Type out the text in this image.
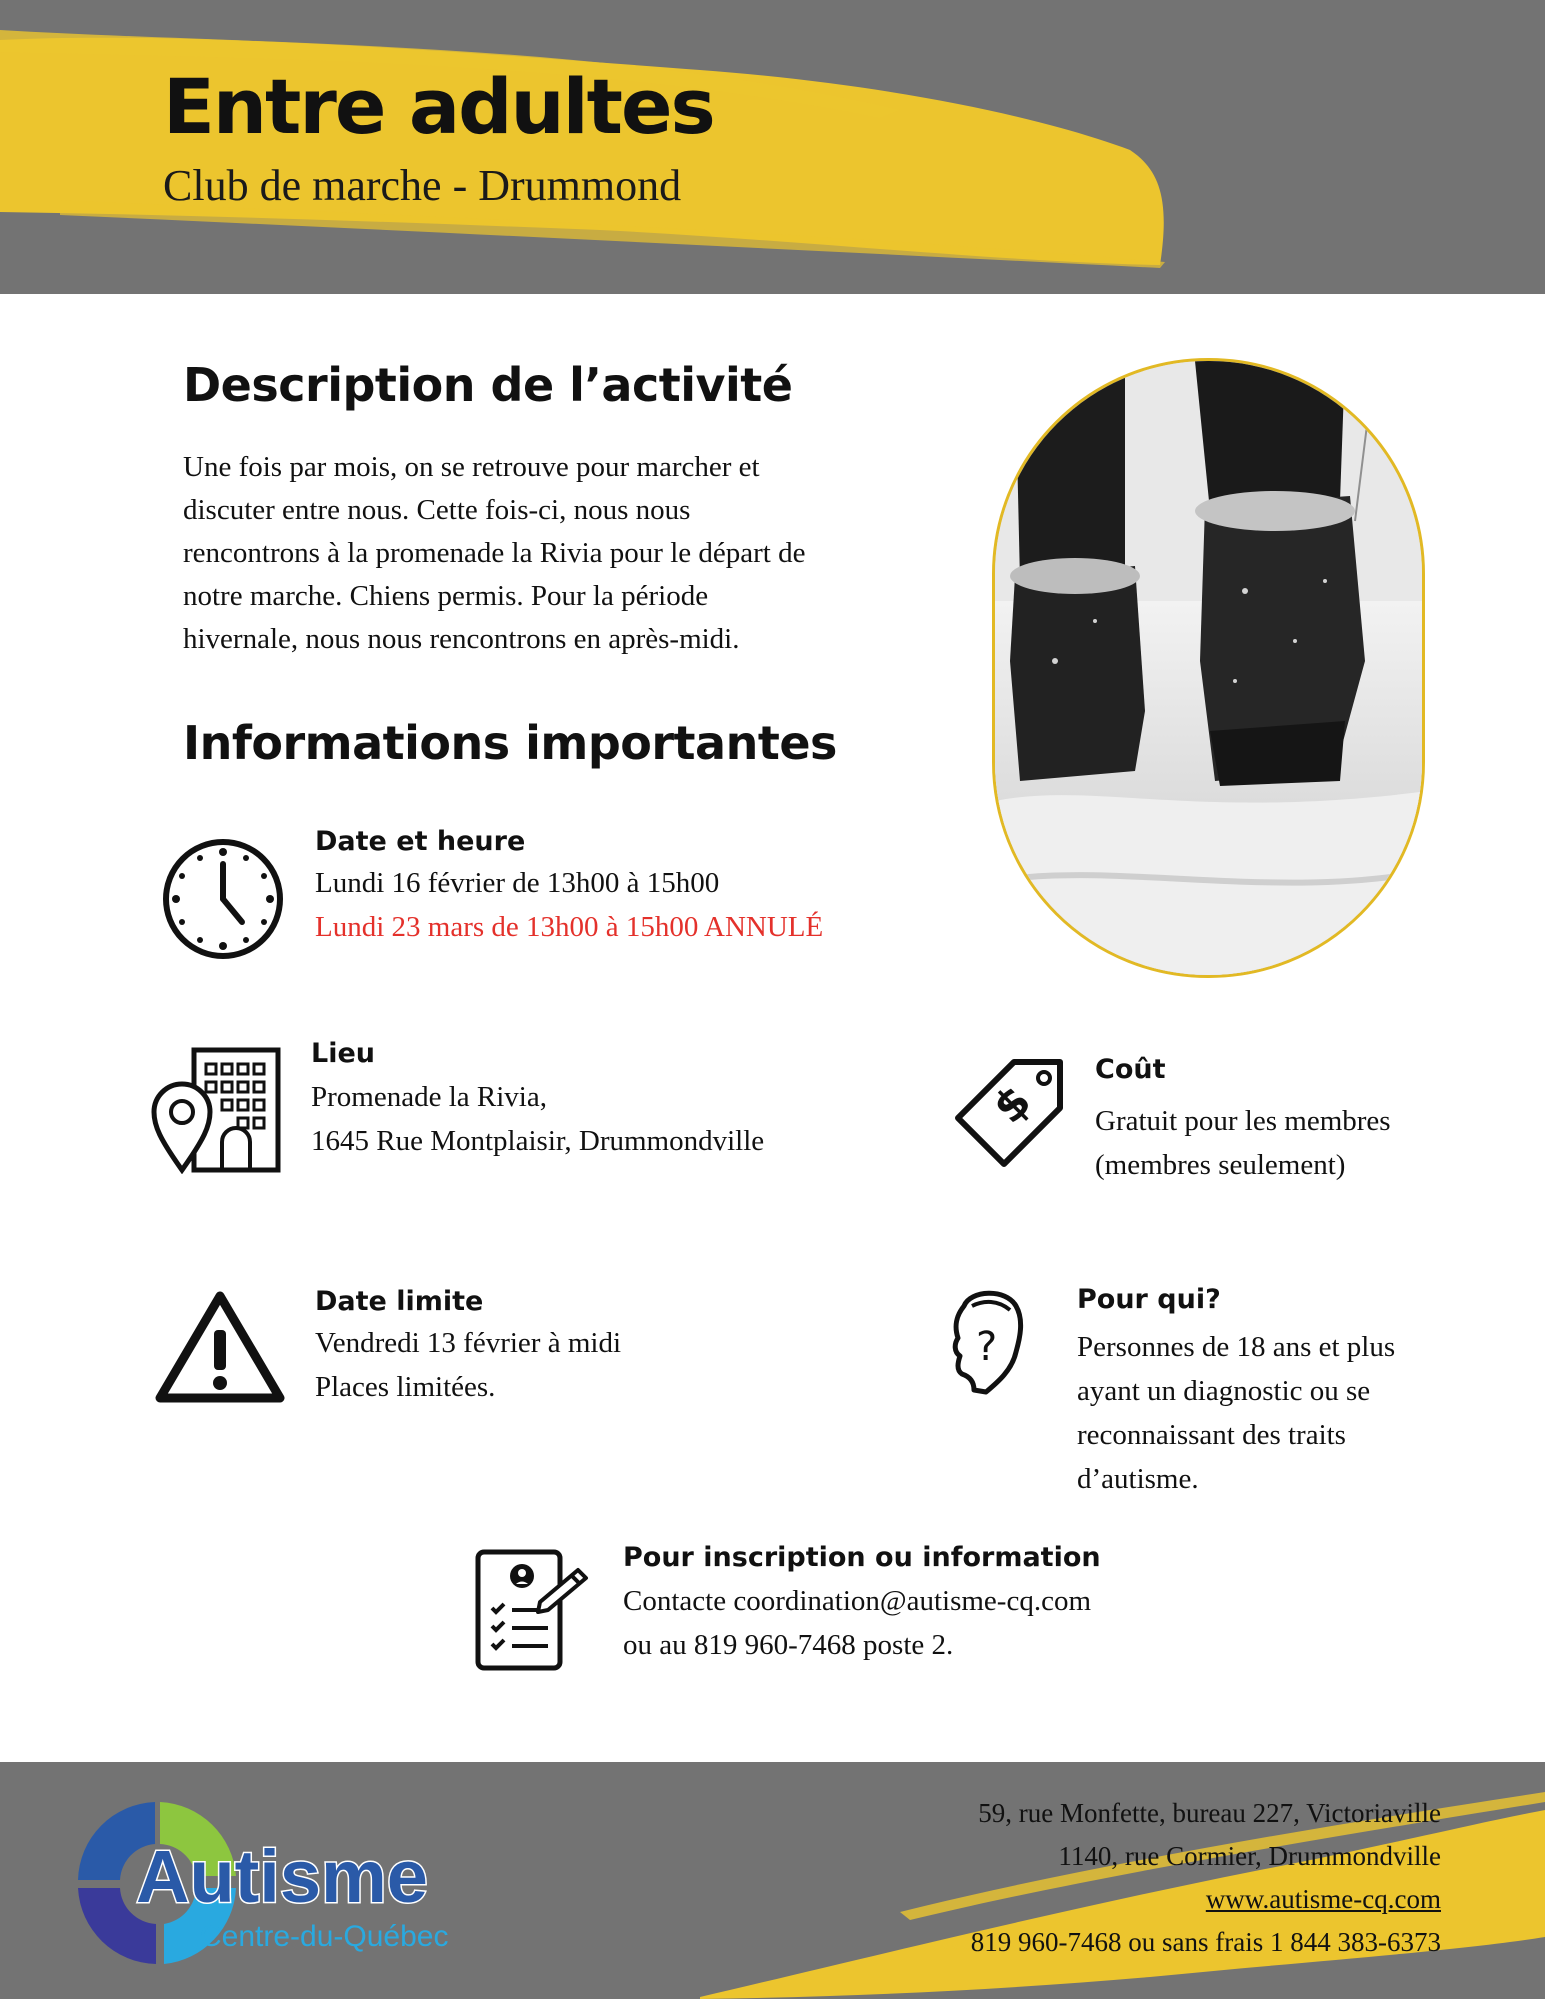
Entre adultes
Club de marche - Drummond
Description de l’activité
Une fois par mois, on se retrouve pour marcher et discuter entre nous. Cette fois-ci, nous nous rencontrons à la promenade la Rivia pour le départ de notre marche. Chiens permis. Pour la période hivernale, nous nous rencontrons en après-midi.
Informations importantes
Date et heure
Lundi 16 février de 13h00 à 15h00
Lundi 23 mars de 13h00 à 15h00 ANNULÉ
Lieu
Promenade la Rivia,
1645 Rue Montplaisir, Drummondville
$
Coût
Gratuit pour les membres
(membres seulement)
Date limite
Vendredi 13 février à midi
Places limitées.
?
Pour qui?
Personnes de 18 ans et plus
ayant un diagnostic ou se
reconnaissant des traits
d’autisme.
Pour inscription ou information
Contacte coordination@autisme-cq.com
ou au 819 960-7468 poste 2.
Autisme
Centre-du-Québec
59, rue Monfette, bureau 227, Victoriaville
1140, rue Cormier, Drummondville
www.autisme-cq.com
819 960-7468 ou sans frais 1 844 383-6373
